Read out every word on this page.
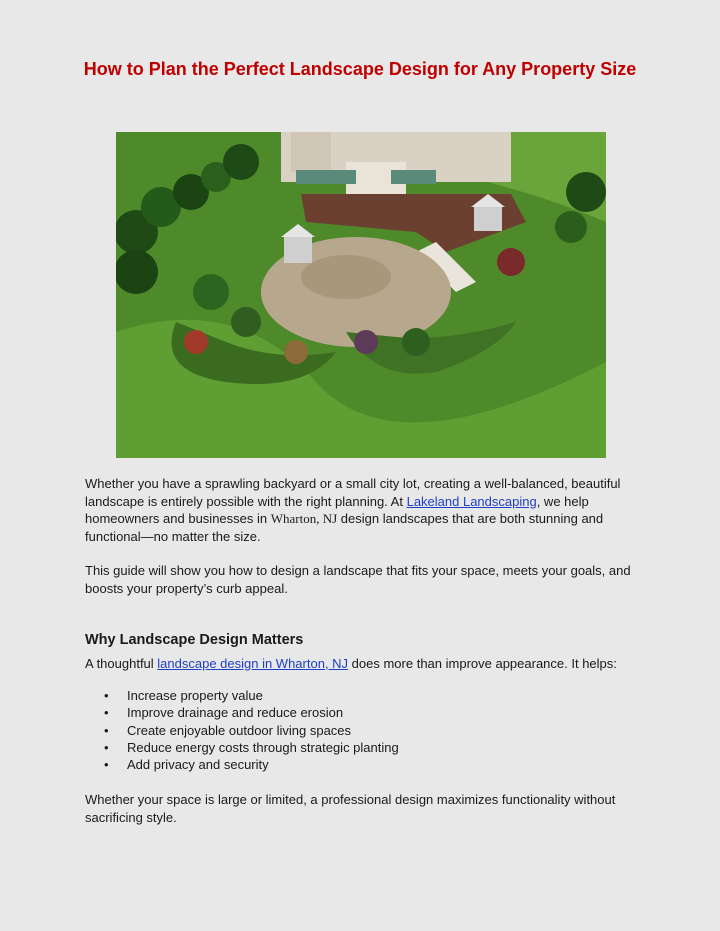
How to Plan the Perfect Landscape Design for Any Property Size

Whether you have a sprawling backyard or a small city lot, creating a well-balanced, beautiful landscape is entirely possible with the right planning. At Lakeland Landscaping, we help homeowners and businesses in Wharton, NJ design landscapes that are both stunning and functional—no matter the size.

This guide will show you how to design a landscape that fits your space, meets your goals, and boosts your property’s curb appeal.

Why Landscape Design Matters

A thoughtful landscape design in Wharton, NJ does more than improve appearance. It helps:

• Increase property value
• Improve drainage and reduce erosion
• Create enjoyable outdoor living spaces
• Reduce energy costs through strategic planting
• Add privacy and security

Whether your space is large or limited, a professional design maximizes functionality without sacrificing style.
